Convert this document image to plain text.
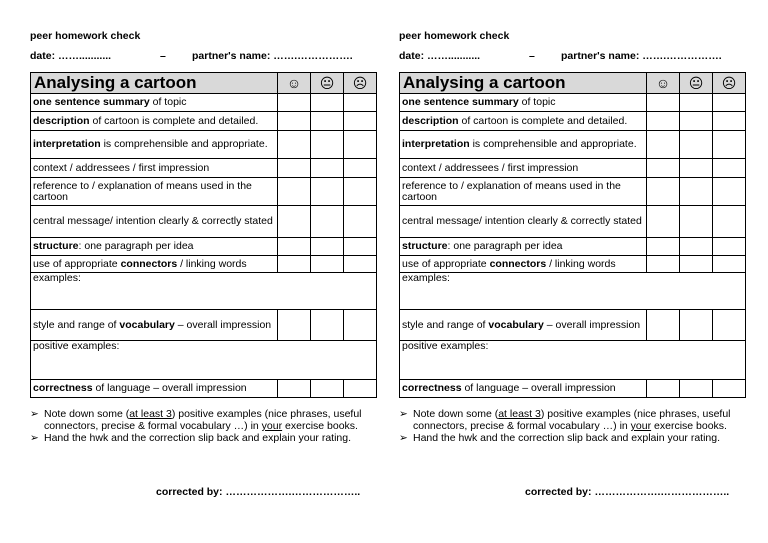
peer homework check
date: ……...........	– partner's name: …….…………….
Analysing a cartoon	☺	😐	☹
one sentence summary of topic			
description of cartoon is complete and detailed.			
interpretation is comprehensible and appropriate.			
context / addressees / first impression			
reference to / explanation of means used in the cartoon			
central message/ intention clearly & correctly stated			
structure: one paragraph per idea			
use of appropriate connectors / linking words			
examples:			
style and range of vocabulary – overall impression			
positive examples:			
correctness of language – overall impression			
➢ Note down some (at least 3) positive examples (nice phrases, useful connectors, precise & formal vocabulary …) in your exercise books.
➢ Hand the hwk and the correction slip back and explain your rating.
corrected by: ……………….………………..
peer homework check
date: ……...........	– partner's name: …….…………….
Analysing a cartoon	☺	😐	☹
one sentence summary of topic			
description of cartoon is complete and detailed.			
interpretation is comprehensible and appropriate.			
context / addressees / first impression			
reference to / explanation of means used in the cartoon			
central message/ intention clearly & correctly stated			
structure: one paragraph per idea			
use of appropriate connectors / linking words			
examples:			
style and range of vocabulary – overall impression			
positive examples:			
correctness of language – overall impression			
➢ Note down some (at least 3) positive examples (nice phrases, useful connectors, precise & formal vocabulary …) in your exercise books.
➢ Hand the hwk and the correction slip back and explain your rating.
corrected by: ……………….………………..
